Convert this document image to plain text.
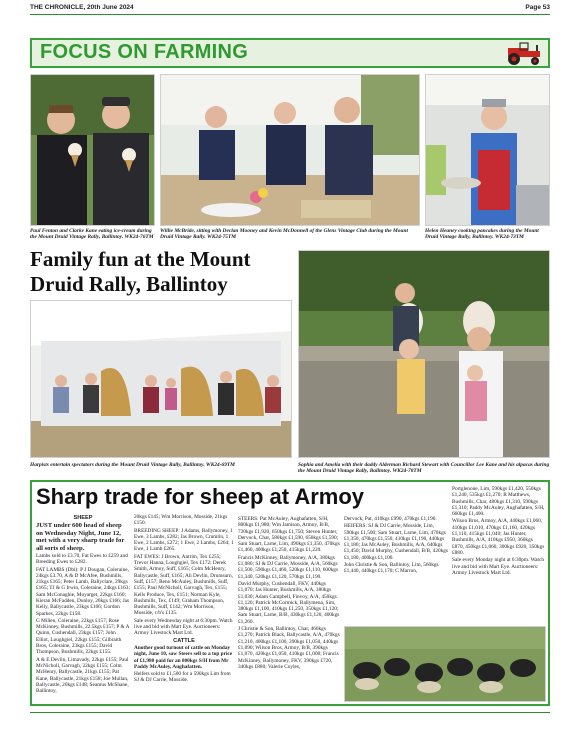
THE CHRONICLE, 20th June 2024	Page 53
FOCUS ON FARMING
Paul Fenton and Clarke Kane eating ice-cream during the Mount Druid Vintage Rally, Ballintoy. WK24-76TM
Willie McBride, sitting with Declan Mooney and Kevin McDonnell of the Glens Vintage Club during the Mount Druid Vintage Rally. WK24-75TM
Helen Heaney cooking pancakes during the Mount Druid Vintage Rally, Ballintoy. WK24-73TM
Family fun at the Mount Druid Rally, Ballintoy
Harpists entertain spectators during the Mount Druid Vintage Rally, Ballintoy. WK24-69TM	Sophia and Amelia with their daddy Alderman Richard Stewart with Councillor Lee Kane and his alpacas during the Mount Druid Vintage Rally, Ballintoy. WK24-78TM
Sharp trade for sheep at Armoy

SHEEP

JUST under 600 head of sheep on Wednesday Night, June 12, met with a very sharp trade for all sorts of sheep.

Lambs sold to £3.70, Fat Ewes to £259 and Breeding Ewes to £282.

FAT LAMBS (Dbl): P J Dougan, Coleraine, 24kgs £3.70, A & D McAfee, Bushmills, 21kgs £165; Peter Lamb, Ballyclare, 29kgs £165; TJ & G Irwin, Coleraine, 24kgs £163; Sam McConaghie, Moyarget, 22kgs £160; Kieran McFadden, Dunloy, 20kgs £166; Jas Kelly, Ballycastle, 23kgs £166; Gordon Sparkes, 22kgs £158.

G Millen, Coleraine, 22kgs £157; Rose McKinney, Bushmills, 22.5kgs £157; P & A Quinn, Cushendall, 23kgs £157; John Elliot, Loughgiel, 22kgs £155; Gilbraith Bros, Coleraine, 23kgs £155; David Thompson, Bushmills, 22kgs £155.

A & E Devlin, Limavady, 22kgs £155; Paul McNicholl, Garvagh, 22kgs £155; Colm McHenry, Ballycastle, 21kgs £155; Pat Kane, Ballycastle, 21kgs £158; Joe Mullan, Ballycastle, 20kgs £148; Seamus McShane, Ballintoy,

20kgs £145; Wm Morrison, Mosside, 21kgs £150.

BREEDING SHEEP: J Adams, Ballymoney, 1 Ewe, 3 Lambs, £282; Jas Brown, Crumlin, 1 Ewe, 2 Lambs, £272; 1 Ewe, 2 Lambs, £264; 1 Ewe, 1 Lamb £265.

FAT EWES: J Brown, Antrim, Tex £255; Trevor Hanna, Loughgiel, Tex £172; Derek Smith, Armoy, Suff, £165; Colm McHenry, Ballycastle, Suff, £165; Ali Devlin, Drumsurn, Suff, £157; Reno McAuley, Bushmills, Suff, £155; Paul McNicholl, Garvagh, Tex, £155; Kells Produce, Tex, £151; Norman Kyle, Bushmills, Tex, £149; Graham Thompson, Bushmills, Suff, £142; Wm Morrison, Mosside, c/b's £135.

Sale every Wednesday night at 6:30pm. Watch live and bid with Mart Eye. Auctioneers: Armoy Livestock Mart Ltd.

CATTLE

Another good turnout of cattle on Monday night, June 10, saw Steers sell to a top price of £1,980 paid for an 800kgs S/H from Mr Paddy McAuley, Aughafatten.

Heifers sold to £1,500 for a 590kgs Lim from SJ & DJ Carrie, Mosside.

STEERS: Pat McAuley, Aughafatten, S/H, 800kgs £1,980; Wm Jamison, Armoy, B/B, 720kgs £1,920, 650kgs £1,750; Steven Hunter, Dervock, Char, 580kgs £1,590, 650kgs £1,590; Sam Stuart, Larne, Lim, 490kgs £1,350, 470kgs £1,460, 400kgs £1,250, 415kgs £1,220.

Francis McKinney, Ballymoney, A/A, 380kgs £1,080; SJ & DJ Carrie, Mosside, A/A, 560kgs £1,500, 590kgs £1,460, 520kgs £1,110, 600kgs £1,340, 520kgs £1,120, 570kgs £1,190.

David Murphy, Cushendall, FKV, 440kgs £1,070; Jas Hunter, Bushmills, A/A, 380kgs £1,030; Adam Campbell, Finvoy, A/A, 450kgs £1,120; Patrick McCormick, Ballymena, Sim, 380kgs £1,100, 410kgs £1,250, 350kgs £1,120; Sam Stuart, Larne, B/B, 430kgs £1,120, 400kgs £1,260.

J Christie & Son, Ballintoy, Char, 460kgs £1,270; Patrick Black, Ballycastle, A/A, 470kgs £1,210, 400kgs £1,100, 390kgs £1,050, 440kgs £1,090; Wilson Bros, Armoy, B/B, 390kgs £1,070, 420kgs £1,050, 410kgs £1,000; Francis McKinney, Ballymoney, FKV, 390kgs £720, 340kgs £880; Valerie Coyles,

Dervock, Pat, 410kgs £990, 470kgs £1,190.

HEIFERS: SJ & DJ Carrie, Mosside, Lim, 590kgs £1,500; Sam Stuart, Larne, Lim, 470kgs £1,350, 470kgs £1,550, 410kgs £1,190, 440kgs £1,180; Jas McAuley, Bushmills, A/A, 640kgs £1,450; David Murphy, Cushendall, B/B, 420kgs £1,180, 400kgs £1,100.

John Christie & Son, Ballintoy, Lim, 560kgs £1,440, 440kgs £1,170; C Marron,

Portglenone, Lim, 590kgs £1,420, 550kgs £1,240, 535kgs £1,270; R Matthews, Bushmills, Char, 480kgs £1,310, 590kgs £1,310; Paddy McAuley, Aughafatten, S/H, 660kgs £1,400.

Wilson Bros, Armoy, A/A, 440kgs £1,060, 410kgs £1,010, 470kgs £1,160, 420kgs £1,110, 415kgs £1,040; Jas Hunter, Bushmills, A/A, 410kgs £950, 360kgs £870, 450kgs £1,060, 300kgs £920, 350kgs £880.

Sale every Monday night at 6:30pm. Watch live and bid with Mart Eye. Auctioneers: Armoy Livestock Mart Ltd.
